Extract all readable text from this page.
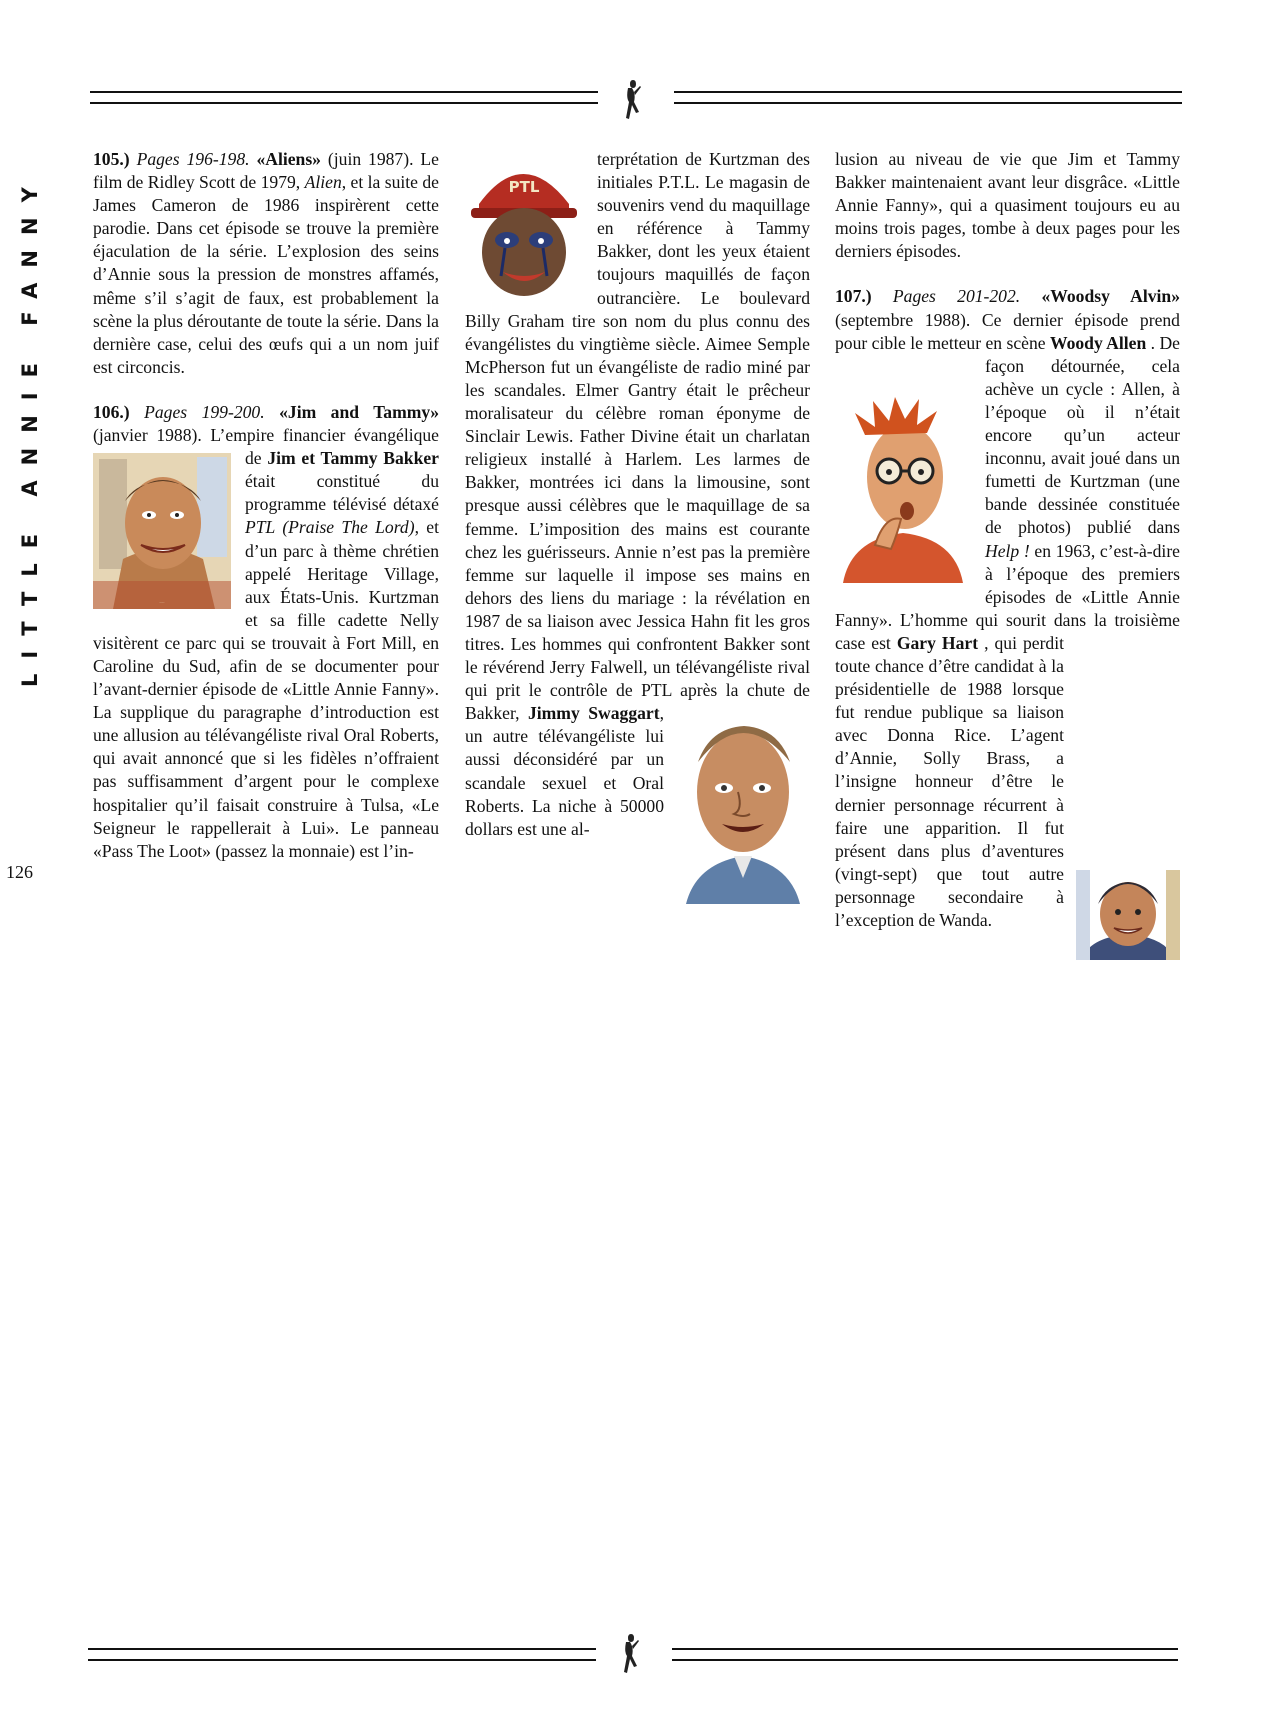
LITTLE ANNIE FANNY
126

105.) Pages 196-198. «Aliens» (juin 1987). Le film de Ridley Scott de 1979, Alien, et la suite de James Cameron de 1986 inspirèrent cette parodie. Dans cet épisode se trouve la première éjaculation de la série. L’explosion des seins d’Annie sous la pression de monstres affamés, même s’il s’agit de faux, est probablement la scène la plus déroutante de toute la série. Dans la dernière case, celui des œufs qui a un nom juif est circoncis.

106.) Pages 199-200. «Jim and Tammy» (janvier 1988). L’empire financier évangélique de
Jim Bakker
Jim et Tammy Bakker était constitué du programme télévisé détaxé PTL (Praise The Lord), et d’un parc à thème chrétien appelé Heritage Village, aux États-Unis. Kurtzman et sa fille cadette Nelly visitèrent ce parc qui se trouvait à Fort Mill, en Caroline du Sud, afin de se documenter pour l’avant-dernier épisode de «Little Annie Fanny». La supplique du paragraphe d’introduction est une allusion au télévangéliste rival Oral Roberts, qui avait annoncé que si les fidèles n’offraient pas suffisamment d’argent pour le complexe hospitalier qu’il faisait construire à Tulsa, «Le Seigneur le rappellerait à Lui». Le panneau «Pass The Loot» (passez la monnaie) est l’in-

PTL
terprétation de Kurtzman des initiales P.T.L. Le magasin de souvenirs vend du maquillage en référence à Tammy Bakker, dont les yeux étaient toujours maquillés de façon outrancière. Le boulevard Billy Graham tire son nom du plus connu des évangélistes du vingtième siècle. Aimee Semple McPherson fut un évangéliste de radio miné par les scandales. Elmer Gantry était le prêcheur moralisateur du célèbre roman éponyme de Sinclair Lewis. Father Divine était un charlatan religieux installé à Harlem. Les larmes de Bakker, montrées ici dans la limousine, sont presque aussi célèbres que le maquillage de sa femme. L’imposition des mains est courante chez les guérisseurs. Annie n’est pas la première femme sur laquelle il impose ses mains en dehors des liens du mariage : la révélation en 1987 de sa liaison avec Jessica Hahn fit les gros titres. Les hommes qui confrontent Bakker sont le révérend Jerry Falwell, un télévangéliste rival qui prit le contrôle de PTL après la chute de Bakker,
Jimmy Swaggart, un autre télévangéliste lui aussi déconsidéré par un scandale sexuel et Oral Roberts. La niche à 50000 dollars est une al-

lusion au niveau de vie que Jim et Tammy Bakker maintenaient avant leur disgrâce. «Little Annie Fanny», qui a quasiment toujours eu au moins trois pages, tombe à deux pages pour les derniers épisodes.

107.) Pages 201-202. «Woodsy Alvin» (septembre 1988). Ce dernier épisode prend pour cible le metteur en scène Woody Allen . De façon détournée, cela achève un cycle : Allen, à l’époque où il n’était encore qu’un acteur inconnu, avait joué dans un fumetti de Kurtzman (une bande dessinée constituée de photos) publié dans Help ! en 1963, c’est-à-dire à l’époque des premiers épisodes de «Little Annie Fanny». L’homme qui sourit dans la troisième case est Gary Hart , qui perdit toute chance d’être candidat à la présidentielle de 1988 lorsque fut rendue publique sa liaison avec Donna Rice. L’agent d’Annie, Solly Brass, a l’insigne honneur d’être le dernier personnage récurrent à faire une apparition. Il fut présent dans plus d’aventures (vingt-sept) que tout autre personnage secondaire à l’exception de Wanda.
